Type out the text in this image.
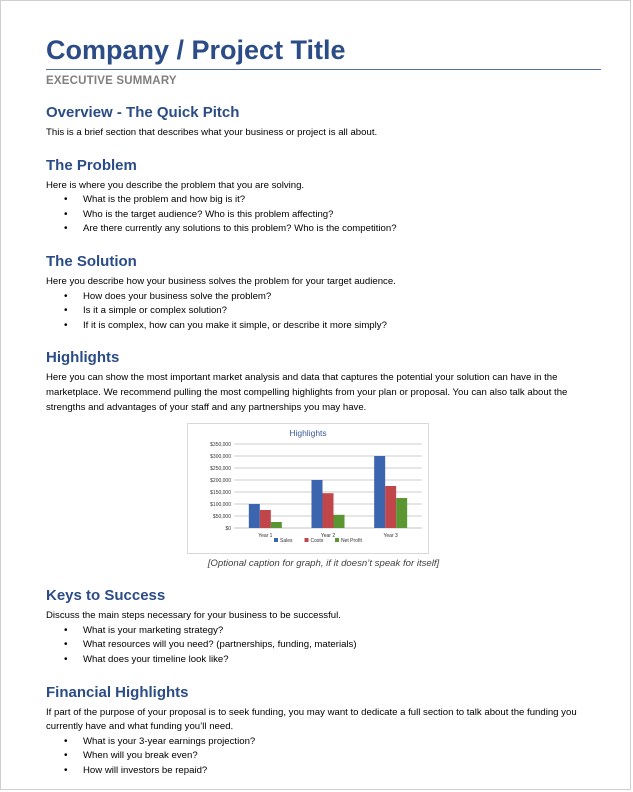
Company / Project Title
EXECUTIVE SUMMARY
Overview - The Quick Pitch

This is a brief section that describes what your business or project is all about.

The Problem

Here is where you describe the problem that you are solving.

• What is the problem and how big is it?
• Who is the target audience? Who is this problem affecting?
• Are there currently any solutions to this problem? Who is the competition?
The Solution

Here you describe how your business solves the problem for your target audience.

• How does your business solve the problem?
• Is it a simple or complex solution?
• If it is complex, how can you make it simple, or describe it more simply?
Highlights

Here you can show the most important market analysis and data that captures the potential your solution can have in the marketplace. We recommend pulling the most compelling highlights from your plan or proposal. You can also talk about the strengths and advantages of your staff and any partnerships you may have.

Highlights
$350,000
$300,000
$250,000
$200,000
$150,000
$100,000
$50,000
$0
Year 1	Year 2	Year 3
Sales	Costs	Net Profit
[Optional caption for graph, if it doesn’t speak for itself]
Keys to Success

Discuss the main steps necessary for your business to be successful.

• What is your marketing strategy?
• What resources will you need? (partnerships, funding, materials)
• What does your timeline look like?
Financial Highlights

If part of the purpose of your proposal is to seek funding, you may want to dedicate a full section to talk about the funding you currently have and what funding you’ll need.

• What is your 3-year earnings projection?
• When will you break even?
• How will investors be repaid?
